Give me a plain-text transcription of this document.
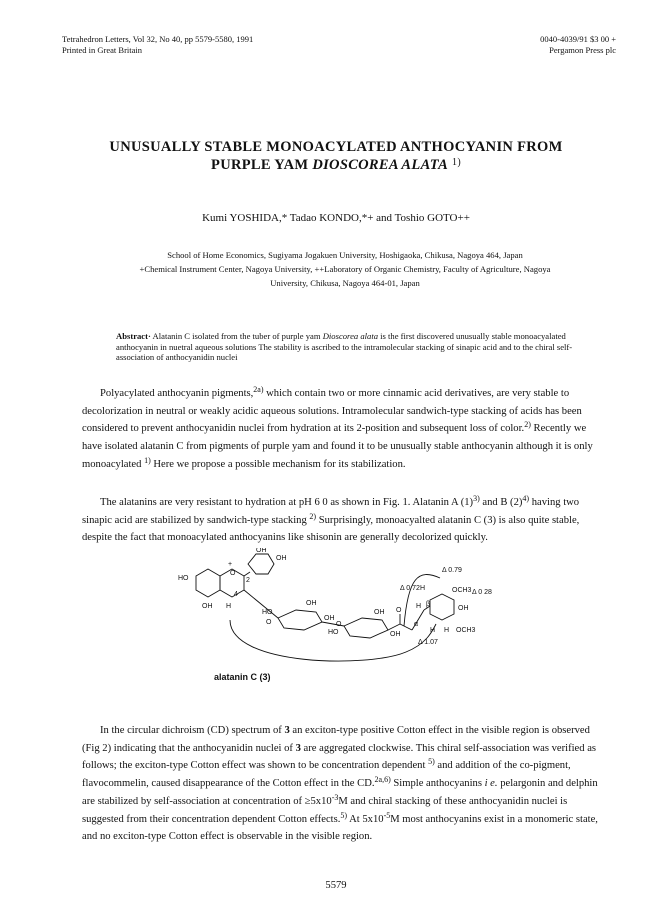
Tetrahedron Letters, Vol 32, No 40, pp 5579-5580, 1991
Printed in Great Britain
0040-4039/91 $3 00 +
Pergamon Press plc
UNUSUALLY STABLE MONOACYLATED ANTHOCYANIN FROM
PURPLE YAM DIOSCOREA ALATA $^{1)}$
Kumi YOSHIDA,* Tadao KONDO,*+ and Toshio GOTO++
School of Home Economics, Sugiyama Jogakuen University, Hoshigaoka, Chikusa, Nagoya 464, Japan
+Chemical Instrument Center, Nagoya University, ++Laboratory of Organic Chemistry, Faculty of Agriculture, Nagoya
University, Chikusa, Nagoya 464-01, Japan
Abstract· Alatanin C isolated from the tuber of purple yam Dioscorea alata is the first discovered unusually stable monoacyalated anthocyanin in nuetral aqueous solutions The stability is ascribed to the intramolecular stacking of sinapic acid and to the chiral self-association of anthocyanidin nuclei
Polyacylated anthocyanin pigments,$^{2a)}$ which contain two or more cinnamic acid derivatives, are very stable to decolorization in neutral or weakly acidic aqueous solutions. Intramolecular sandwich-type stacking of acids has been considered to prevent anthocyanidin nuclei from hydration at its 2-position and subsequent loss of color.$^{2)}$ Recently we have isolated alatanin C from pigments of purple yam and found it to be unusually stable anthocyanin although it is only monoacylated $^{1)}$ Here we propose a possible mechanism for its stabilization.
The alatanins are very resistant to hydration at pH 6 0 as shown in Fig. 1. Alatanin A $(1)^{3)}$ and B $(2)^{4)}$ having two sinapic acid are stabilized by sandwich-type stacking $^{2)}$ Surprisingly, monoacyalted alatanin C (3) is also quite stable, despite the fact that monoacylated anthocyanins like shisonin are generally decolorized quickly.
OH
OH
HO
+
O
2
4
OH H
HO
OH
OH
O
HO
OH
OH
O
O
α
β
H
H
H H
OCH3
OCH3
OH
Δ 0.79
Δ 0 72
Δ 0 28
Δ 1.07
alatanin C (3)
In the circular dichroism (CD) spectrum of 3 an exciton-type positive Cotton effect in the visible region is observed (Fig 2) indicating that the anthocyanidin nuclei of 3 are aggregated clockwise. This chiral self-association was verified as follows; the exciton-type Cotton effect was shown to be concentration dependent $^{5)}$ and addition of the co-pigment, flavocommelin, caused disappearance of the Cotton effect in the CD.$^{2a,6)}$ Simple anthocyanins i e. pelargonin and delphin are stabilized by self-association at concentration of $\ge 5x10^{-3}M$ and chiral stacking of these anthocyanidin nuclei is suggested from their concentration dependent Cotton effects.$^{5)}$ At $5x10^{-5}M$ most anthocyanins exist in a monomeric state, and no exciton-type Cotton effect is observable in the visible region.
5579
